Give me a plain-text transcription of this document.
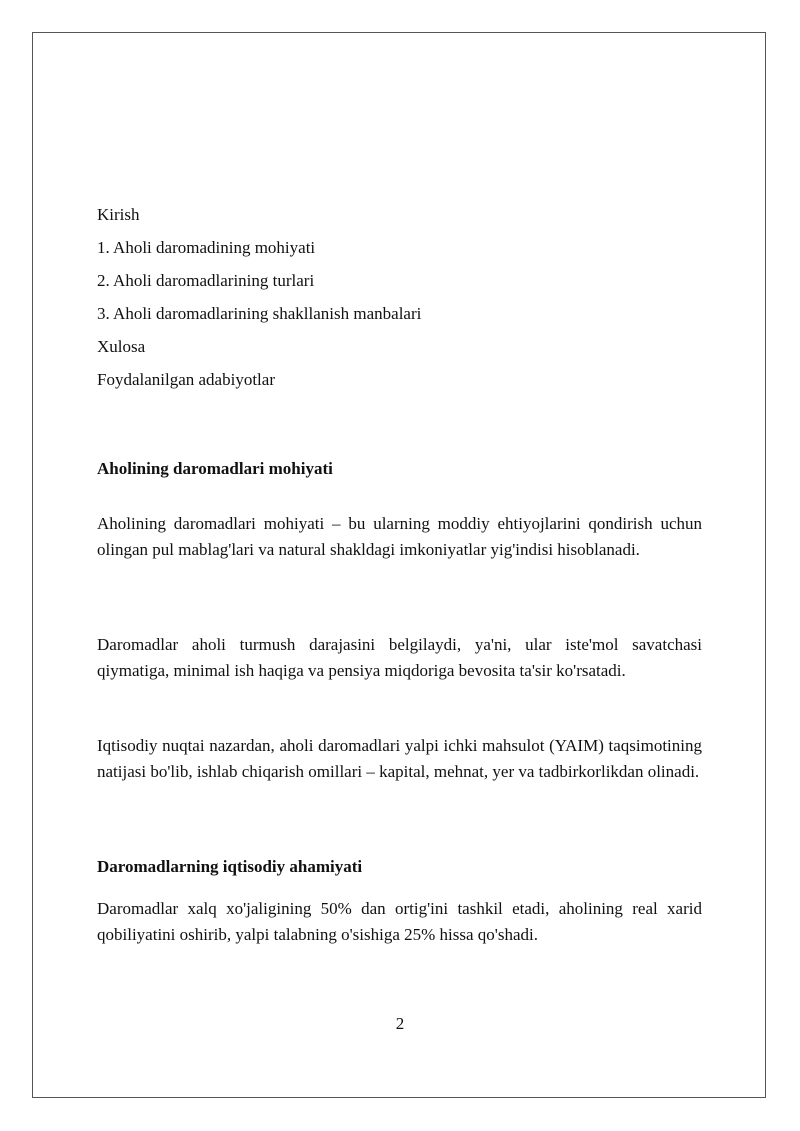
Kirish
1. Aholi daromadining mohiyati
2. Aholi daromadlarining turlari
3. Aholi daromadlarining shakllanish manbalari
Xulosa
Foydalanilgan adabiyotlar
Aholining daromadlari mohiyati
Aholining daromadlari mohiyati – bu ularning moddiy ehtiyojlarini qondirish uchun olingan pul mablag'lari va natural shakldagi imkoniyatlar yig'indisi hisoblanadi.
Daromadlar aholi turmush darajasini belgilaydi, ya'ni, ular iste'mol savatchasi qiymatiga, minimal ish haqiga va pensiya miqdoriga bevosita ta'sir ko'rsatadi.
Iqtisodiy nuqtai nazardan, aholi daromadlari yalpi ichki mahsulot (YAIM) taqsimotining natijasi bo'lib, ishlab chiqarish omillari – kapital, mehnat, yer va tadbirkorlikdan olinadi.
Daromadlarning iqtisodiy ahamiyati
Daromadlar xalq xo'jaligining 50% dan ortig'ini tashkil etadi, aholining real xarid qobiliyatini oshirib, yalpi talabning o'sishiga 25% hissa qo'shadi.
2
